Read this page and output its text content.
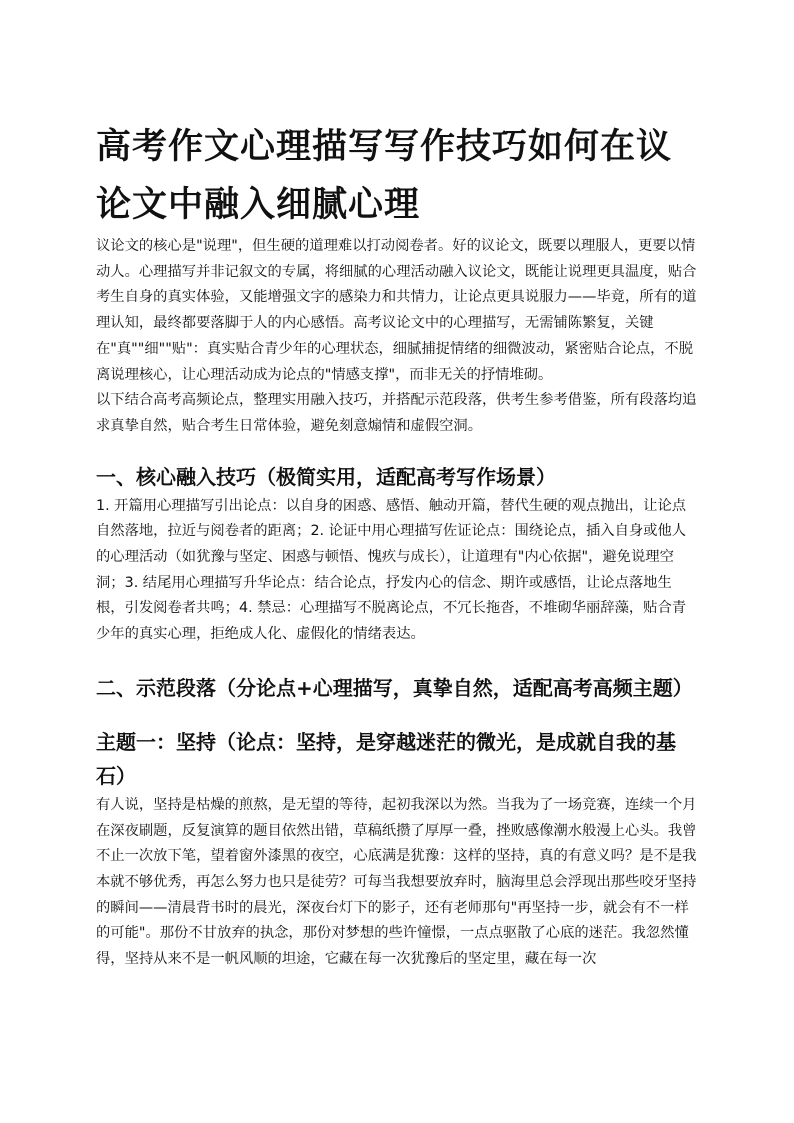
高考作文心理描写写作技巧如何在议论文中融入细腻心理

议论文的核心是"说理"，但生硬的道理难以打动阅卷者。好的议论文，既要以理服人，更要以情动人。心理描写并非记叙文的专属，将细腻的心理活动融入议论文，既能让说理更具温度，贴合考生自身的真实体验，又能增强文字的感染力和共情力，让论点更具说服力——毕竟，所有的道理认知，最终都要落脚于人的内心感悟。高考议论文中的心理描写，无需铺陈繁复，关键在"真""细""贴"：真实贴合青少年的心理状态，细腻捕捉情绪的细微波动，紧密贴合论点，不脱离说理核心，让心理活动成为论点的"情感支撑"，而非无关的抒情堆砌。

以下结合高考高频论点，整理实用融入技巧，并搭配示范段落，供考生参考借鉴，所有段落均追求真挚自然，贴合考生日常体验，避免刻意煽情和虚假空洞。

一、核心融入技巧（极简实用，适配高考写作场景）

1. 开篇用心理描写引出论点：以自身的困惑、感悟、触动开篇，替代生硬的观点抛出，让论点自然落地，拉近与阅卷者的距离；2. 论证中用心理描写佐证论点：围绕论点，插入自身或他人的心理活动（如犹豫与坚定、困惑与顿悟、愧疚与成长），让道理有"内心依据"，避免说理空洞；3. 结尾用心理描写升华论点：结合论点，抒发内心的信念、期许或感悟，让论点落地生根，引发阅卷者共鸣；4. 禁忌：心理描写不脱离论点，不冗长拖沓，不堆砌华丽辞藻，贴合青少年的真实心理，拒绝成人化、虚假化的情绪表达。

二、示范段落（分论点+心理描写，真挚自然，适配高考高频主题）
主题一：坚持（论点：坚持，是穿越迷茫的微光，是成就自我的基石）

有人说，坚持是枯燥的煎熬，是无望的等待，起初我深以为然。当我为了一场竞赛，连续一个月在深夜刷题，反复演算的题目依然出错，草稿纸攒了厚厚一叠，挫败感像潮水般漫上心头。我曾不止一次放下笔，望着窗外漆黑的夜空，心底满是犹豫：这样的坚持，真的有意义吗？是不是我本就不够优秀，再怎么努力也只是徒劳？可每当我想要放弃时，脑海里总会浮现出那些咬牙坚持的瞬间——清晨背书时的晨光，深夜台灯下的影子，还有老师那句"再坚持一步，就会有不一样的可能"。那份不甘放弃的执念，那份对梦想的些许憧憬，一点点驱散了心底的迷茫。我忽然懂得，坚持从来不是一帆风顺的坦途，它藏在每一次犹豫后的坚定里，藏在每一次
